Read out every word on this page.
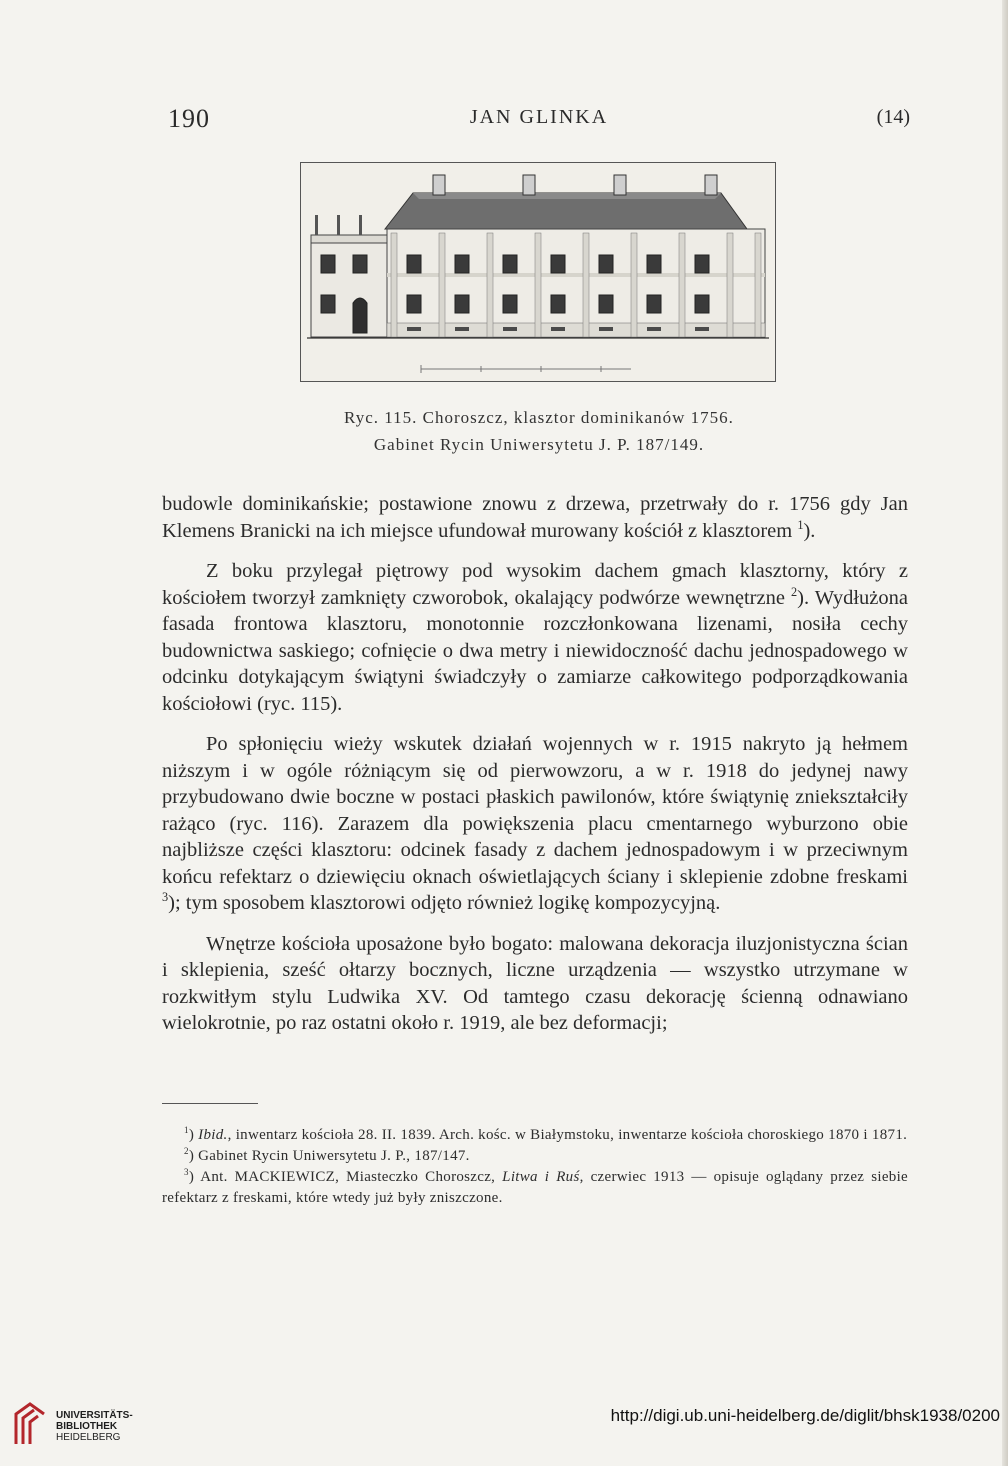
190	JAN GLINKA	(14)
Ryc. 115. Choroszcz, klasztor dominikanów 1756.
Gabinet Rycin Uniwersytetu J. P. 187/149.

budowle dominikańskie; postawione znowu z drzewa, przetrwały do r. 1756 gdy Jan Klemens Branicki na ich miejsce ufundował murowany kościół z klasztorem $^1$).

Z boku przylegał piętrowy pod wysokim dachem gmach klasztorny, który z kościołem tworzył zamknięty czworobok, okalający podwórze wewnętrzne $^2$). Wydłużona fasada frontowa klasztoru, monotonnie rozczłonkowana lizenami, nosiła cechy budownictwa saskiego; cofnięcie o dwa metry i niewidoczność dachu jednospadowego w odcinku dotykającym świątyni świadczyły o zamiarze całkowitego podporządkowania kościołowi (ryc. 115).

Po spłonięciu wieży wskutek działań wojennych w r. 1915 nakryto ją hełmem niższym i w ogóle różniącym się od pierwowzoru, a w r. 1918 do jedynej nawy przybudowano dwie boczne w postaci płaskich pawilonów, które świątynię zniekształciły rażąco (ryc. 116). Zarazem dla powiększenia placu cmentarnego wyburzono obie najbliższe części klasztoru: odcinek fasady z dachem jednospadowym i w przeciwnym końcu refektarz o dziewięciu oknach oświetlających ściany i sklepienie zdobne freskami $^3$); tym sposobem klasztorowi odjęto również logikę kompozycyjną.

Wnętrze kościoła uposażone było bogato: malowana dekoracja iluzjonistyczna ścian i sklepienia, sześć ołtarzy bocznych, liczne urządzenia — wszystko utrzymane w rozkwitłym stylu Ludwika XV. Od tamtego czasu dekorację ścienną odnawiano wielokrotnie, po raz ostatni około r. 1919, ale bez deformacji;

$^1$) Ibid., inwentarz kościoła 28. II. 1839. Arch. kośc. w Białymstoku, inwentarze kościoła choroskiego 1870 i 1871.

$^2$) Gabinet Rycin Uniwersytetu J. P., 187/147.

$^3$) Ant. MACKIEWICZ, Miasteczko Choroszcz, Litwa i Ruś, czerwiec 1913 — opisuje oglądany przez siebie refektarz z freskami, które wtedy już były zniszczone.

UNIVERSITÄTS-
BIBLIOTHEK
HEIDELBERG
http://digi.ub.uni-heidelberg.de/diglit/bhsk1938/0200
